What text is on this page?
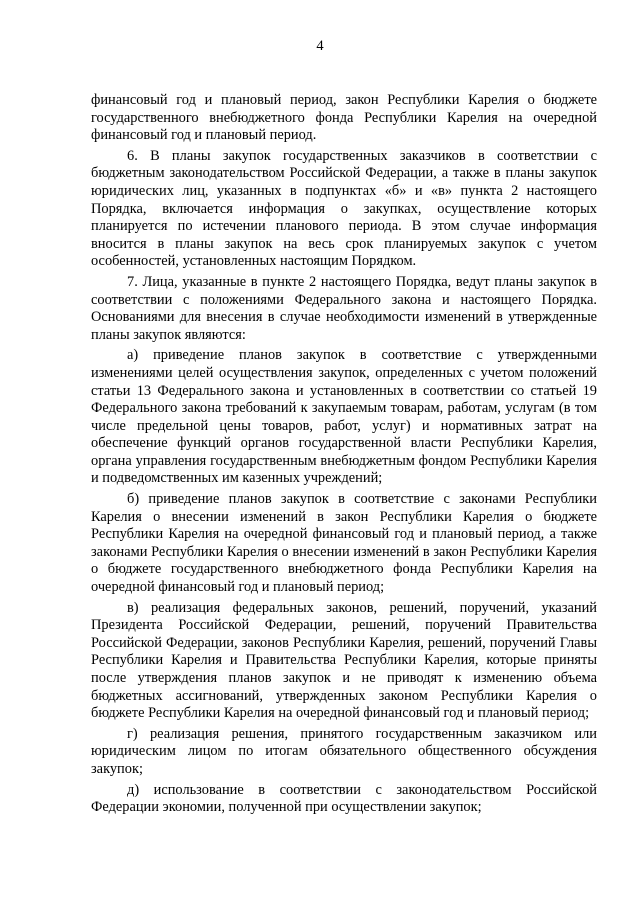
4

финансовый год и плановый период, закон Республики Карелия о бюджете государственного внебюджетного фонда Республики Карелия на очередной финансовый год и плановый период.

6. В планы закупок государственных заказчиков в соответствии с бюджетным законодательством Российской Федерации, а также в планы закупок юридических лиц, указанных в подпунктах «б» и «в» пункта 2 настоящего Порядка, включается информация о закупках, осуществление которых планируется по истечении планового периода. В этом случае информация вносится в планы закупок на весь срок планируемых закупок с учетом особенностей, установленных настоящим Порядком.

7. Лица, указанные в пункте 2 настоящего Порядка, ведут планы закупок в соответствии с положениями Федерального закона и настоящего Порядка. Основаниями для внесения в случае необходимости изменений в утвержденные планы закупок являются:

а) приведение планов закупок в соответствие с утвержденными изменениями целей осуществления закупок, определенных с учетом положений статьи 13 Федерального закона и установленных в соответствии со статьей 19 Федерального закона требований к закупаемым товарам, работам, услугам (в том числе предельной цены товаров, работ, услуг) и нормативных затрат на обеспечение функций органов государственной власти Республики Карелия, органа управления государственным внебюджетным фондом Республики Карелия и подведомственных им казенных учреждений;

б) приведение планов закупок в соответствие с законами Республики Карелия о внесении изменений в закон Республики Карелия о бюджете Республики Карелия на очередной финансовый год и плановый период, а также законами Республики Карелия о внесении изменений в закон Республики Карелия о бюджете государственного внебюджетного фонда Республики Карелия на очередной финансовый год и плановый период;

в) реализация федеральных законов, решений, поручений, указаний Президента Российской Федерации, решений, поручений Правительства Российской Федерации, законов Республики Карелия, решений, поручений Главы Республики Карелия и Правительства Республики Карелия, которые приняты после утверждения планов закупок и не приводят к изменению объема бюджетных ассигнований, утвержденных законом Республики Карелия о бюджете Республики Карелия на очередной финансовый год и плановый период;

г) реализация решения, принятого государственным заказчиком или юридическим лицом по итогам обязательного общественного обсуждения закупок;

д) использование в соответствии с законодательством Российской Федерации экономии, полученной при осуществлении закупок;
